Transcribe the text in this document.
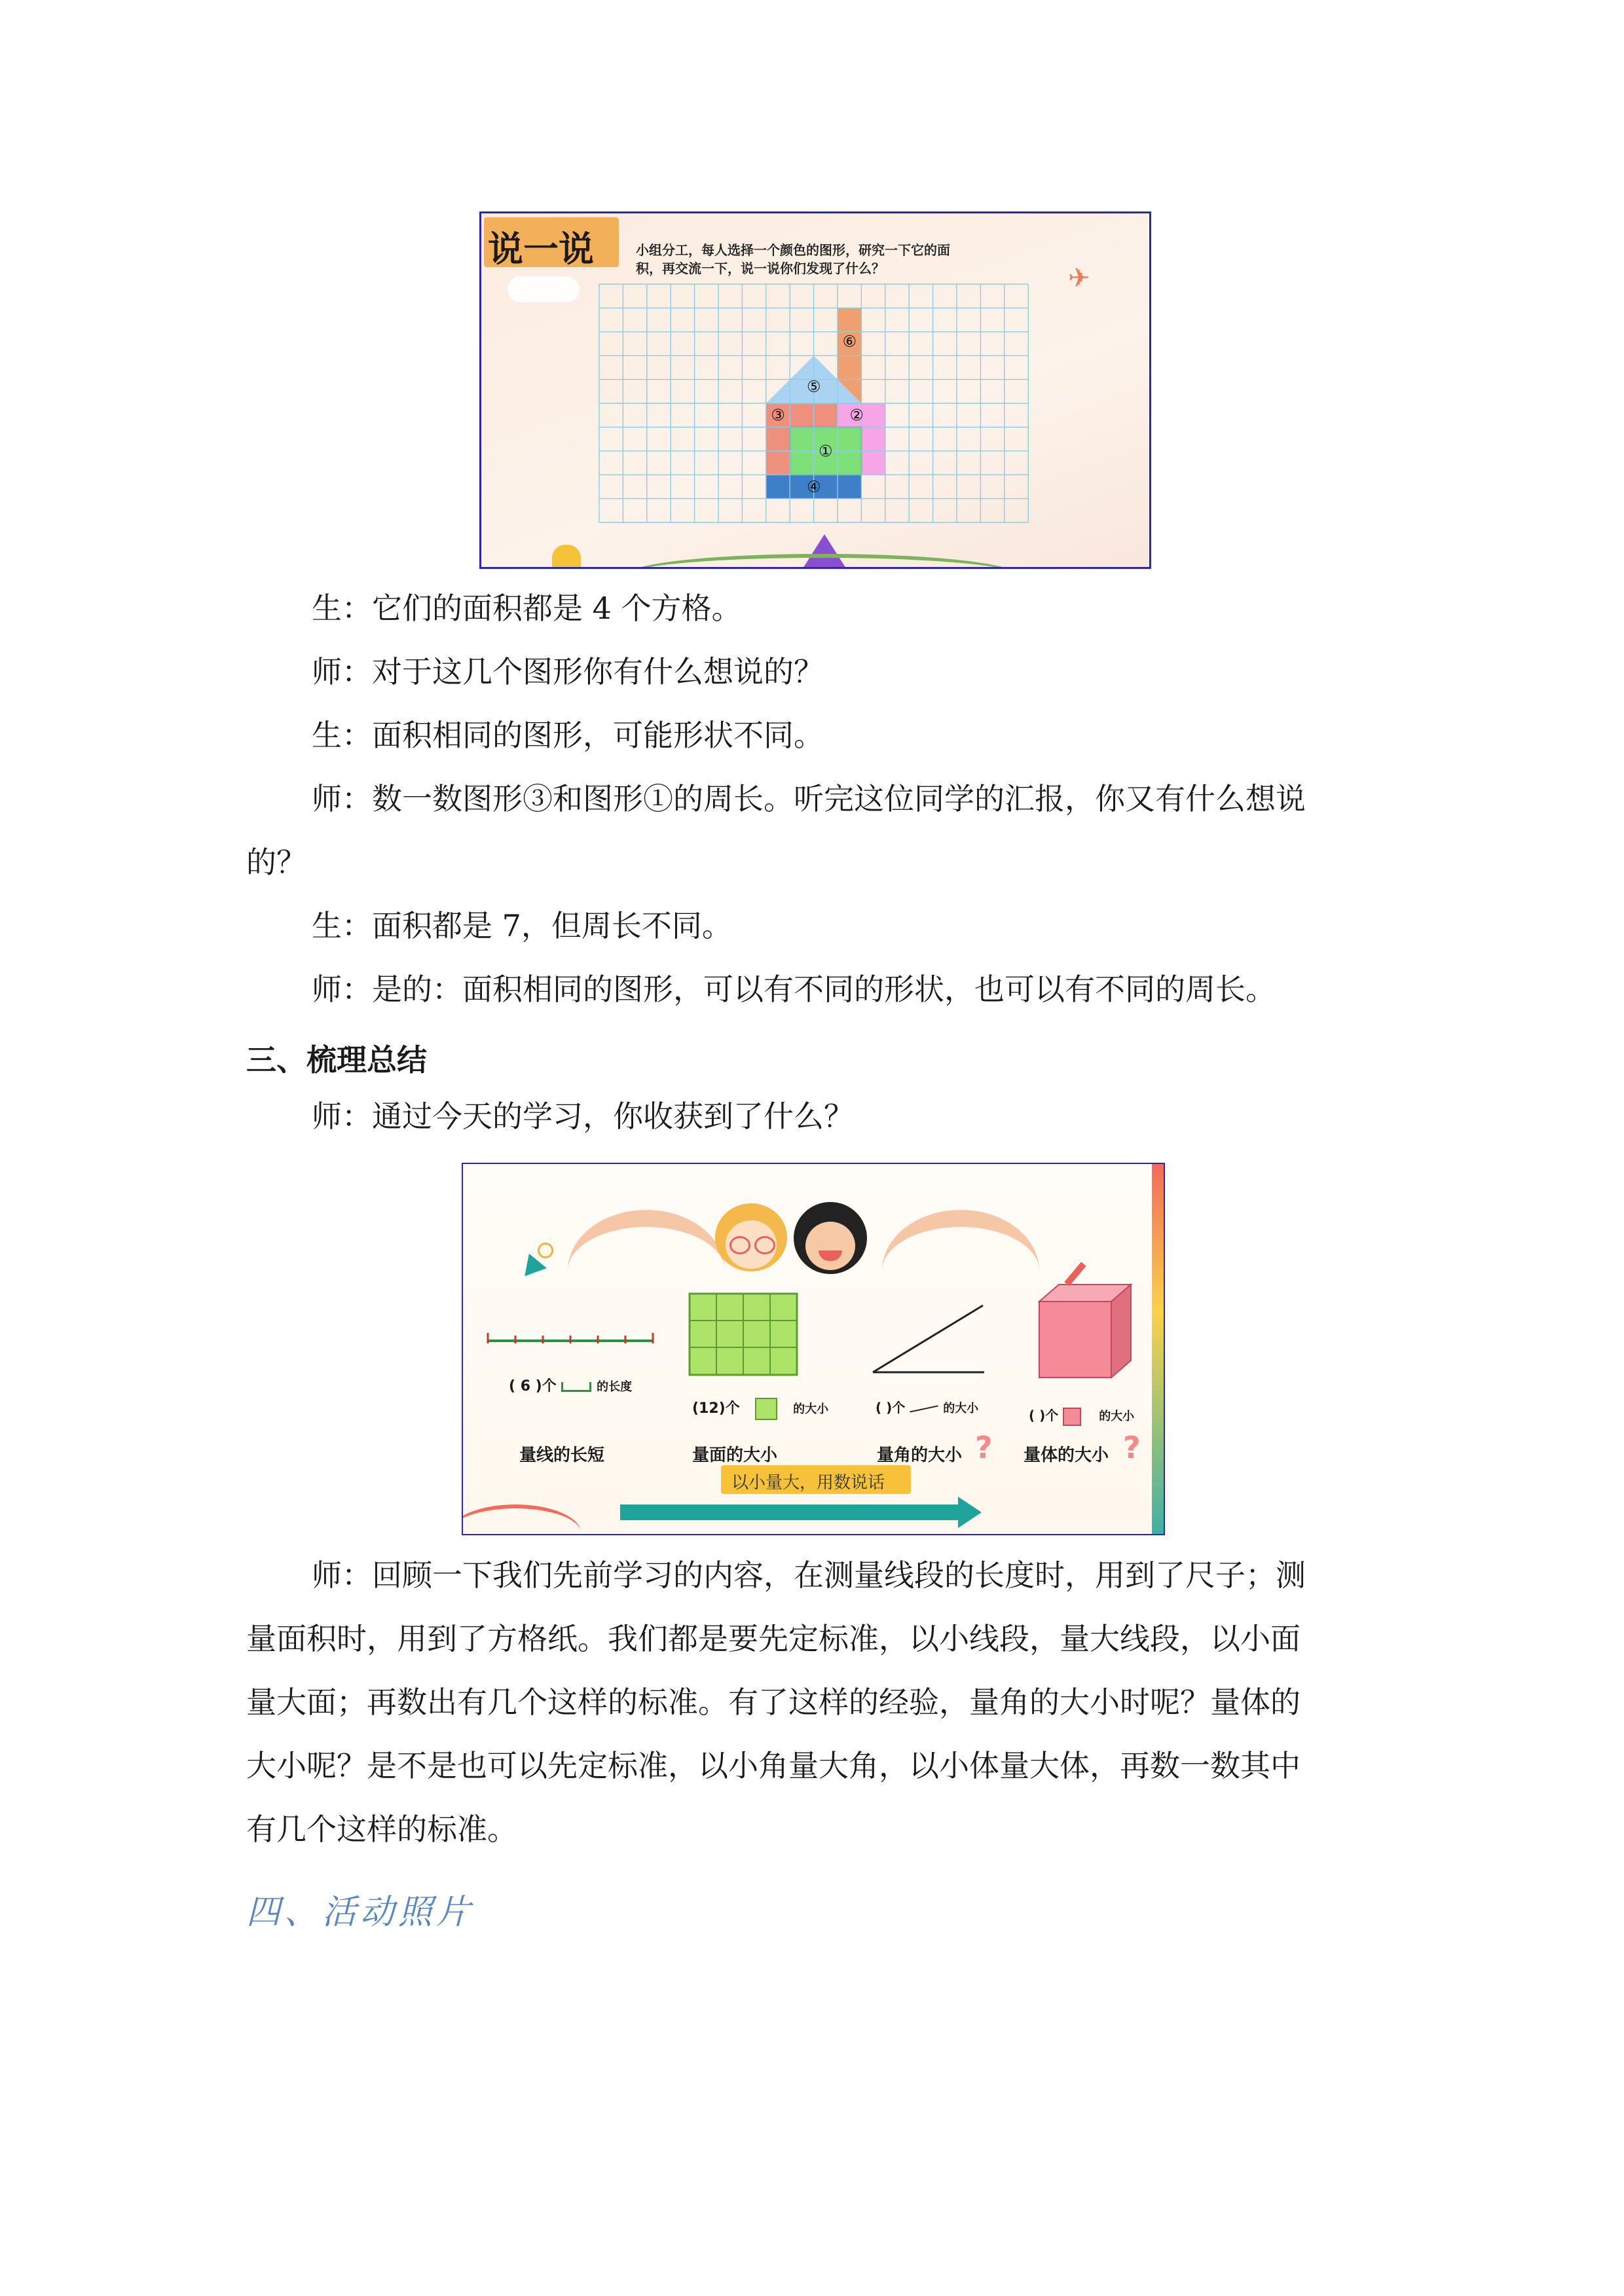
说一说	小组分工，每人选择一个颜色的图形，研究一下它的面
积，再交流一下，说一说你们发现了什么？	✈
①
②
③
④
⑤
⑥

生：它们的面积都是 4 个方格。

师：对于这几个图形你有什么想说的？

生：面积相同的图形，可能形状不同。

师：数一数图形③和图形①的周长。听完这位同学的汇报，你又有什么想说

的？

生：面积都是 7，但周长不同。

师：是的：面积相同的图形，可以有不同的形状，也可以有不同的周长。

三、梳理总结

师：通过今天的学习，你收获到了什么？

( 6 )个	的长度
(12)个	的大小	( )个	的大小	( )个	的大小
量线的长短	量面的大小	量角的大小 ? 量体的大小 ?
以小量大，用数说话

师：回顾一下我们先前学习的内容，在测量线段的长度时，用到了尺子；测

量面积时，用到了方格纸。我们都是要先定标准，以小线段，量大线段，以小面

量大面；再数出有几个这样的标准。有了这样的经验，量角的大小时呢？量体的

大小呢？是不是也可以先定标准，以小角量大角，以小体量大体，再数一数其中

有几个这样的标准。

四、活动照片
